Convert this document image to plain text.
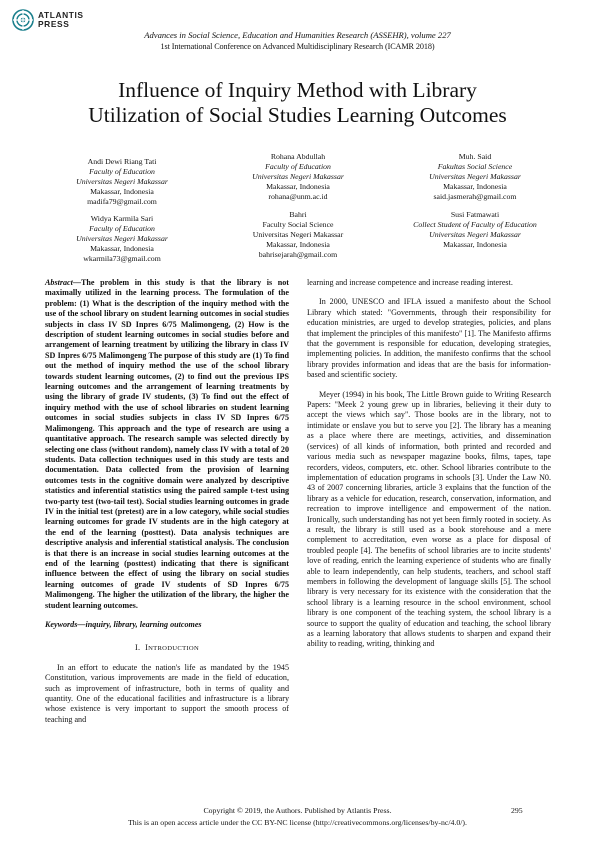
ATLANTIS
PRESS
Advances in Social Science, Education and Humanities Research (ASSEHR), volume 227
1st International Conference on Advanced Multidisciplinary Research (ICAMR 2018)
Influence of Inquiry Method with Library
Utilization of Social Studies Learning Outcomes
Andi Dewi Riang Tati
Faculty of Education
Universitas Negeri Makassar
Makassar, Indonesia
madifa79@gmail.com
Rohana Abdullah
Faculty of Education
Universitas Negeri Makassar
Makassar, Indonesia
rohana@unm.ac.id
Muh. Said
Fakultas Social Science
Universitas Negeri Makassar
Makassar, Indonesia
said.jasmerah@gmail.com
Widya Karmila Sari
Faculty of Education
Universitas Negeri Makassar
Makassar, Indonesia
wkarmila73@gmail.com
Bahri
Faculty Social Science
Universitas Negeri Makassar
Makassar, Indonesia
bahrisejarah@gmail.com
Susi Fatmawati
Collect Student of Faculty of Education
Universitas Negeri Makassar
Makassar, Indonesia
Abstract—The problem in this study is that the library is not maximally utilized in the learning process. The formulation of the problem: (1) What is the description of the inquiry method with the use of the school library on student learning outcomes in social studies subjects in class IV SD Inpres 6/75 Malimongeng, (2) How is the description of student learning outcomes in social studies before and arrangement of learning treatment by utilizing the library in class IV SD Inpres 6/75 Malimongeng The purpose of this study are (1) To find out the method of inquiry method the use of the school library towards student learning outcomes, (2) to find out the previous IPS learning outcomes and the arrangement of learning treatments by using the library of grade IV students, (3) To find out the effect of inquiry method with the use of school libraries on student learning outcomes in social studies subjects in class IV SD Inpres 6/75 Malimongeng. This approach and the type of research are using a quantitative approach. The research sample was selected directly by selecting one class (without random), namely class IV with a total of 20 students. Data collection techniques used in this study are tests and documentation. Data collected from the provision of learning outcomes tests in the cognitive domain were analyzed by descriptive statistics and inferential statistics using the paired sample t-test using two-party test (two-tail test). Social studies learning outcomes in grade IV in the initial test (pretest) are in a low category, while social studies learning outcomes for grade IV students are in the high category at the end of the learning (posttest). Data analysis techniques are descriptive analysis and inferential statistical analysis. The conclusion is that there is an increase in social studies learning outcomes at the end of the learning (posttest) indicating that there is significant influence between the effect of using the library on social studies learning outcomes of grade IV students of SD Inpres 6/75 Malimongeng. The higher the utilization of the library, the higher the student learning outcomes.
Keywords—inquiry, library, learning outcomes
I. INTRODUCTION

In an effort to educate the nation's life as mandated by the 1945 Constitution, various improvements are made in the field of education, such as improvement of infrastructure, both in terms of quality and quantity. One of the educational facilities and infrastructure is a library whose existence is very important to support the smooth process of teaching and

learning and increase competence and increase reading interest.

In 2000, UNESCO and IFLA issued a manifesto about the School Library which stated: "Governments, through their responsibility for education ministries, are urged to develop strategies, policies, and plans that implement the principles of this manifesto" [1]. The Manifesto affirms that the government is responsible for education, developing strategies, implementing policies. In addition, the manifesto confirms that the school library provides information and ideas that are the basis for information-based and scientific society.

Meyer (1994) in his book, The Little Brown guide to Writing Research Papers: "Meek 2 young grew up in libraries, believing it their duty to accept the views which say". Those books are in the library, not to intimidate or enslave you but to serve you [2]. The library has a meaning as a place where there are meetings, activities, and dissemination (services) of all kinds of information, both printed and recorded and various media such as newspaper magazine books, films, tapes, tape recorders, videos, computers, etc. other. School libraries contribute to the implementation of education programs in schools [3]. Under the Law N0. 43 of 2007 concerning libraries, article 3 explains that the function of the library as a vehicle for education, research, conservation, information, and recreation to improve intelligence and empowerment of the nation. Ironically, such understanding has not yet been firmly rooted in society. As a result, the library is still used as a book storehouse and a mere complement to accreditation, even worse as a place for disposal of troubled people [4]. The benefits of school libraries are to incite students' love of reading, enrich the learning experience of students who are finally able to learn independently, can help students, teachers, and school staff members in following the development of language skills [5]. The school library is very necessary for its existence with the consideration that the school library is a learning resource in the school environment, school library is one component of the teaching system, the school library is a source to support the quality of education and teaching, the school library as a learning laboratory that allows students to sharpen and expand their ability to reading, writing, thinking and

Copyright © 2019, the Authors. Published by Atlantis Press.	295
This is an open access article under the CC BY-NC license (http://creativecommons.org/licenses/by-nc/4.0/).
